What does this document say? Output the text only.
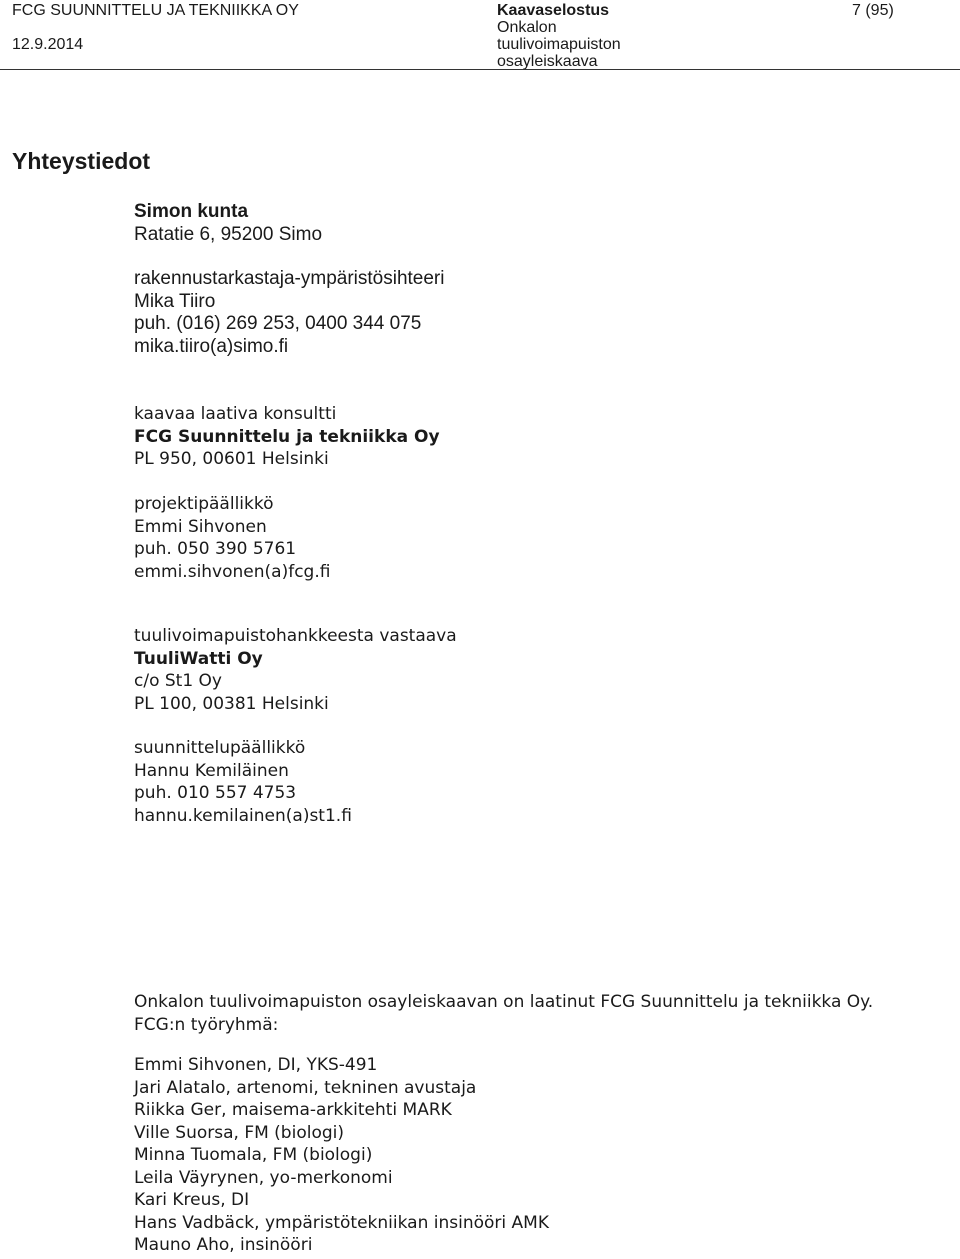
FCG SUUNNITTELU JA TEKNIIKKA OY
12.9.2014
Kaavaselostus
Onkalon
tuulivoimapuiston
osayleiskaava
7 (95)
Yhteystiedot
Simon kunta
Ratatie 6, 95200 Simo
rakennustarkastaja-ympäristösihteeri
Mika Tiiro
puh. (016) 269 253, 0400 344 075
mika.tiiro(a)simo.fi
kaavaa laativa konsultti
FCG Suunnittelu ja tekniikka Oy
PL 950, 00601 Helsinki
projektipäällikkö
Emmi Sihvonen
puh. 050 390 5761
emmi.sihvonen(a)fcg.fi
tuulivoimapuistohankkeesta vastaava
TuuliWatti Oy
c/o St1 Oy
PL 100, 00381 Helsinki
suunnittelupäällikkö
Hannu Kemiläinen
puh. 010 557 4753
hannu.kemilainen(a)st1.fi
Onkalon tuulivoimapuiston osayleiskaavan on laatinut FCG Suunnittelu ja tekniikka Oy.
FCG:n työryhmä:
Emmi Sihvonen, DI, YKS-491
Jari Alatalo, artenomi, tekninen avustaja
Riikka Ger, maisema-arkkitehti MARK
Ville Suorsa, FM (biologi)
Minna Tuomala, FM (biologi)
Leila Väyrynen, yo-merkonomi
Kari Kreus, DI
Hans Vadbäck, ympäristötekniikan insinööri AMK
Mauno Aho, insinööri
